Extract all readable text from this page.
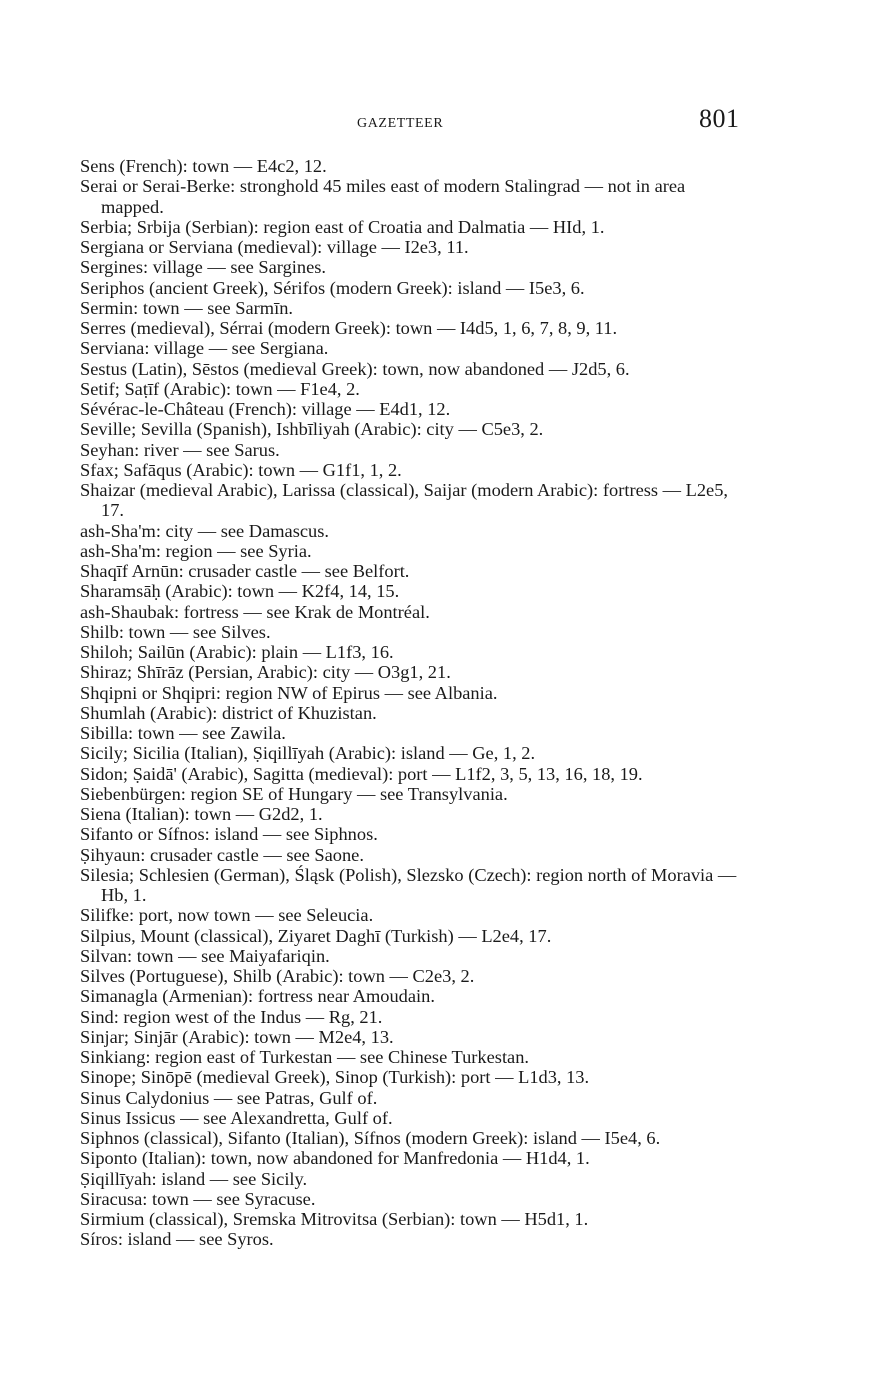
GAZETTEER	801
Sens (French): town — E4c2, 12.
Serai or Serai-Berke: stronghold 45 miles east of modern Stalingrad — not in area mapped.
Serbia; Srbija (Serbian): region east of Croatia and Dalmatia — HId, 1.
Sergiana or Serviana (medieval): village — I2e3, 11.
Sergines: village — see Sargines.
Seriphos (ancient Greek), Sérifos (modern Greek): island — I5e3, 6.
Sermin: town — see Sarmīn.
Serres (medieval), Sérrai (modern Greek): town — I4d5, 1, 6, 7, 8, 9, 11.
Serviana: village — see Sergiana.
Sestus (Latin), Sēstos (medieval Greek): town, now abandoned — J2d5, 6.
Setif; Saṭīf (Arabic): town — F1e4, 2.
Sévérac-le-Château (French): village — E4d1, 12.
Seville; Sevilla (Spanish), Ishbīliyah (Arabic): city — C5e3, 2.
Seyhan: river — see Sarus.
Sfax; Safāqus (Arabic): town — G1f1, 1, 2.
Shaizar (medieval Arabic), Larissa (classical), Saijar (modern Arabic): fortress — L2e5, 17.
ash-Sha'm: city — see Damascus.
ash-Sha'm: region — see Syria.
Shaqīf Arnūn: crusader castle — see Belfort.
Sharamsāḥ (Arabic): town — K2f4, 14, 15.
ash-Shaubak: fortress — see Krak de Montréal.
Shilb: town — see Silves.
Shiloh; Sailūn (Arabic): plain — L1f3, 16.
Shiraz; Shīrāz (Persian, Arabic): city — O3g1, 21.
Shqipni or Shqipri: region NW of Epirus — see Albania.
Shumlah (Arabic): district of Khuzistan.
Sibilla: town — see Zawila.
Sicily; Sicilia (Italian), Ṣiqillīyah (Arabic): island — Ge, 1, 2.
Sidon; Ṣaidā' (Arabic), Sagitta (medieval): port — L1f2, 3, 5, 13, 16, 18, 19.
Siebenbürgen: region SE of Hungary — see Transylvania.
Siena (Italian): town — G2d2, 1.
Sifanto or Sífnos: island — see Siphnos.
Ṣihyaun: crusader castle — see Saone.
Silesia; Schlesien (German), Śląsk (Polish), Slezsko (Czech): region north of Moravia — Hb, 1.
Silifke: port, now town — see Seleucia.
Silpius, Mount (classical), Ziyaret Daghī (Turkish) — L2e4, 17.
Silvan: town — see Maiyafariqin.
Silves (Portuguese), Shilb (Arabic): town — C2e3, 2.
Simanagla (Armenian): fortress near Amoudain.
Sind: region west of the Indus — Rg, 21.
Sinjar; Sinjār (Arabic): town — M2e4, 13.
Sinkiang: region east of Turkestan — see Chinese Turkestan.
Sinope; Sinōpē (medieval Greek), Sinop (Turkish): port — L1d3, 13.
Sinus Calydonius — see Patras, Gulf of.
Sinus Issicus — see Alexandretta, Gulf of.
Siphnos (classical), Sifanto (Italian), Sífnos (modern Greek): island — I5e4, 6.
Siponto (Italian): town, now abandoned for Manfredonia — H1d4, 1.
Ṣiqillīyah: island — see Sicily.
Siracusa: town — see Syracuse.
Sirmium (classical), Sremska Mitrovitsa (Serbian): town — H5d1, 1.
Síros: island — see Syros.
